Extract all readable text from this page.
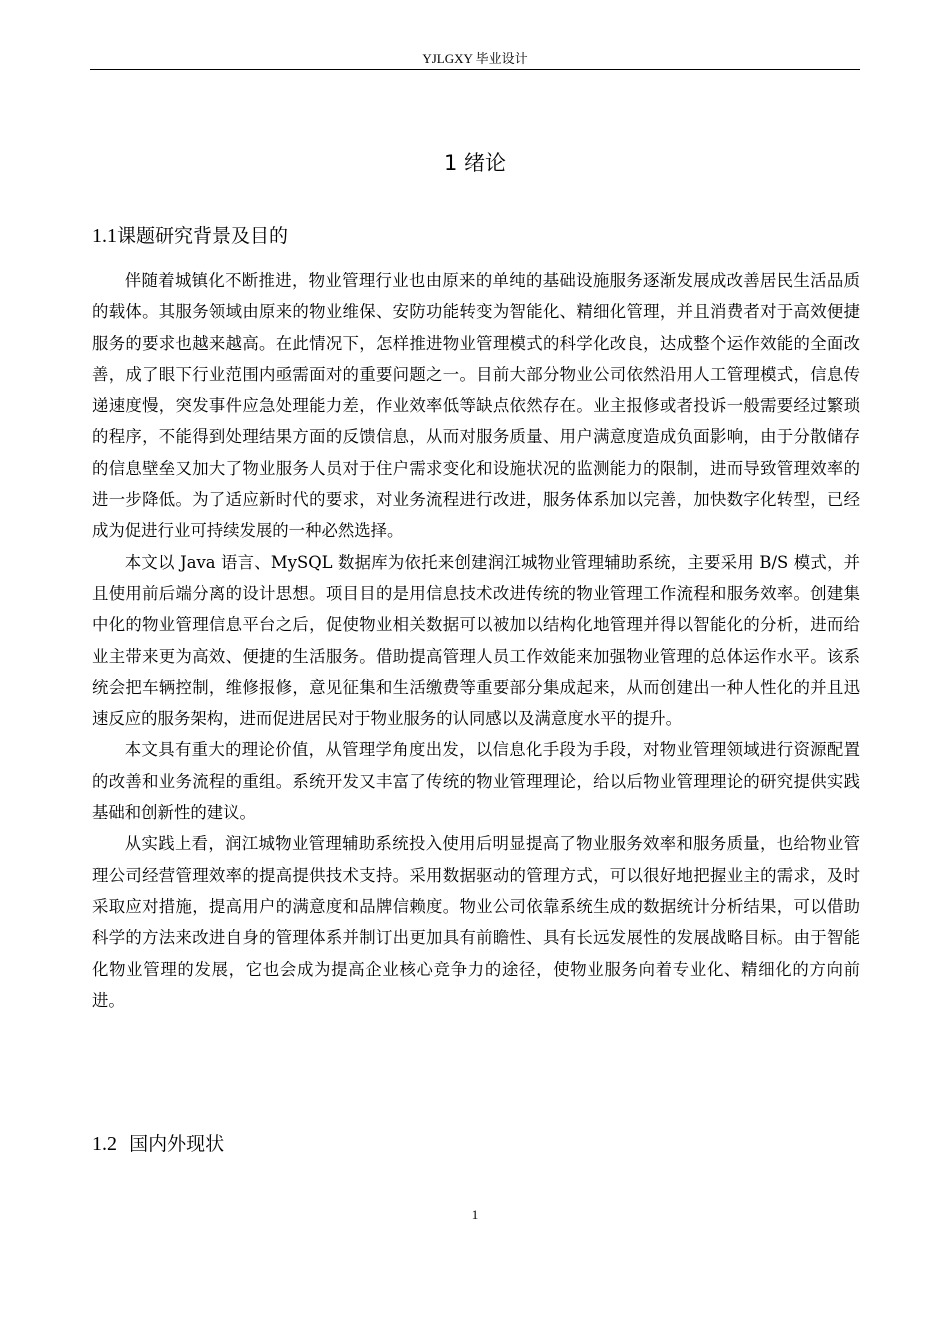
YJLGXY 毕业设计
1 绪论
1.1课题研究背景及目的

伴随着城镇化不断推进，物业管理行业也由原来的单纯的基础设施服务逐渐发展成改善居民生活品质的载体。其服务领域由原来的物业维保、安防功能转变为智能化、精细化管理，并且消费者对于高效便捷服务的要求也越来越高。在此情况下，怎样推进物业管理模式的科学化改良，达成整个运作效能的全面改善，成了眼下行业范围内亟需面对的重要问题之一。目前大部分物业公司依然沿用人工管理模式，信息传递速度慢，突发事件应急处理能力差，作业效率低等缺点依然存在。业主报修或者投诉一般需要经过繁琐的程序，不能得到处理结果方面的反馈信息，从而对服务质量、用户满意度造成负面影响，由于分散储存的信息壁垒又加大了物业服务人员对于住户需求变化和设施状况的监测能力的限制，进而导致管理效率的进一步降低。为了适应新时代的要求，对业务流程进行改进，服务体系加以完善，加快数字化转型，已经成为促进行业可持续发展的一种必然选择。

本文以 Java 语言、MySQL 数据库为依托来创建润江城物业管理辅助系统，主要采用 B/S 模式，并且使用前后端分离的设计思想。项目目的是用信息技术改进传统的物业管理工作流程和服务效率。创建集中化的物业管理信息平台之后，促使物业相关数据可以被加以结构化地管理并得以智能化的分析，进而给业主带来更为高效、便捷的生活服务。借助提高管理人员工作效能来加强物业管理的总体运作水平。该系统会把车辆控制，维修报修，意见征集和生活缴费等重要部分集成起来，从而创建出一种人性化的并且迅速反应的服务架构，进而促进居民对于物业服务的认同感以及满意度水平的提升。

本文具有重大的理论价值，从管理学角度出发，以信息化手段为手段，对物业管理领域进行资源配置的改善和业务流程的重组。系统开发又丰富了传统的物业管理理论，给以后物业管理理论的研究提供实践基础和创新性的建议。

从实践上看，润江城物业管理辅助系统投入使用后明显提高了物业服务效率和服务质量，也给物业管理公司经营管理效率的提高提供技术支持。采用数据驱动的管理方式，可以很好地把握业主的需求，及时采取应对措施，提高用户的满意度和品牌信赖度。物业公司依靠系统生成的数据统计分析结果，可以借助科学的方法来改进自身的管理体系并制订出更加具有前瞻性、具有长远发展性的发展战略目标。由于智能化物业管理的发展，它也会成为提高企业核心竞争力的途径，使物业服务向着专业化、精细化的方向前进。

1.2 国内外现状
1
